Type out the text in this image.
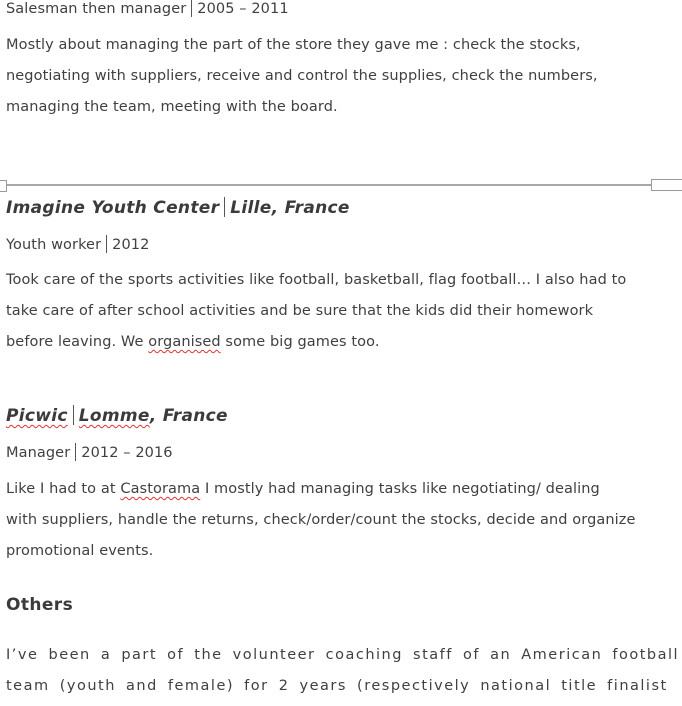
Salesman then manager 2005 – 2011
Mostly about managing the part of the store they gave me : check the stocks,
negotiating with suppliers, receive and control the supplies, check the numbers,
managing the team, meeting with the board.
Imagine Youth Center Lille, France
Youth worker 2012
Took care of the sports activities like football, basketball, flag football… I also had to
take care of after school activities and be sure that the kids did their homework
before leaving. We organised some big games too.
Picwic Lomme, France
Manager 2012 – 2016
Like I had to at Castorama I mostly had managing tasks like negotiating/ dealing
with suppliers, handle the returns, check/order/count the stocks, decide and organize
promotional events.
Others
I’ve been a part of the volunteer coaching staff of an American football
team (youth and female) for 2 years (respectively national title finalist
